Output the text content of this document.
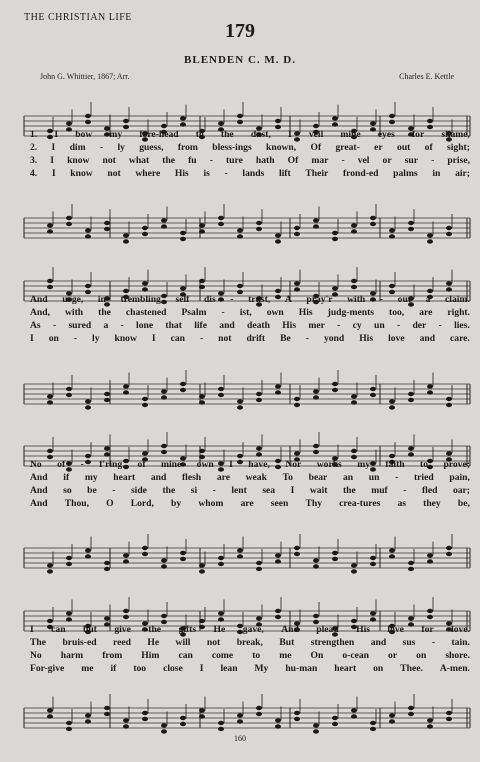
THE CHRISTIAN LIFE
179
BLENDEN C. M. D.
John G. Whittier, 1867; Arr.	Charles E. Kettle
1. I bow my fore-head to the dust, I veil mine eyes for shame,
2. I dim - ly guess, from bless-ings known, Of great- er out of sight;
3. I know not what the fu - ture hath Of mar - vel or sur - prise,
4. I know not where His is - lands lift Their frond-ed palms in air;
And urge, in trembling self dis - trust, A pray'r with - out a claim.
And, with the chastened Psalm - ist, own His judg-ments too, are right.
As - sured a - lone that life and death His mer - cy un - der - lies.
I on - ly know I can - not drift Be - yond His love and care.
No of - f'ring of mine own I have, Nor works my faith to prove;
And if my heart and flesh are weak To bear an un - tried pain,
And so be - side the si - lent sea I wait the muf - fled oar;
And Thou, O Lord, by whom are seen Thy crea-tures as they be,
I can but give the gifts He gave, And plead His love for love.
The bruis-ed reed He will not break, But strengthen and sus - tain.
No harm from Him can come to me On o-cean or on shore.
For-give me if too close I lean My hu-man heart on Thee. A-men.
160
